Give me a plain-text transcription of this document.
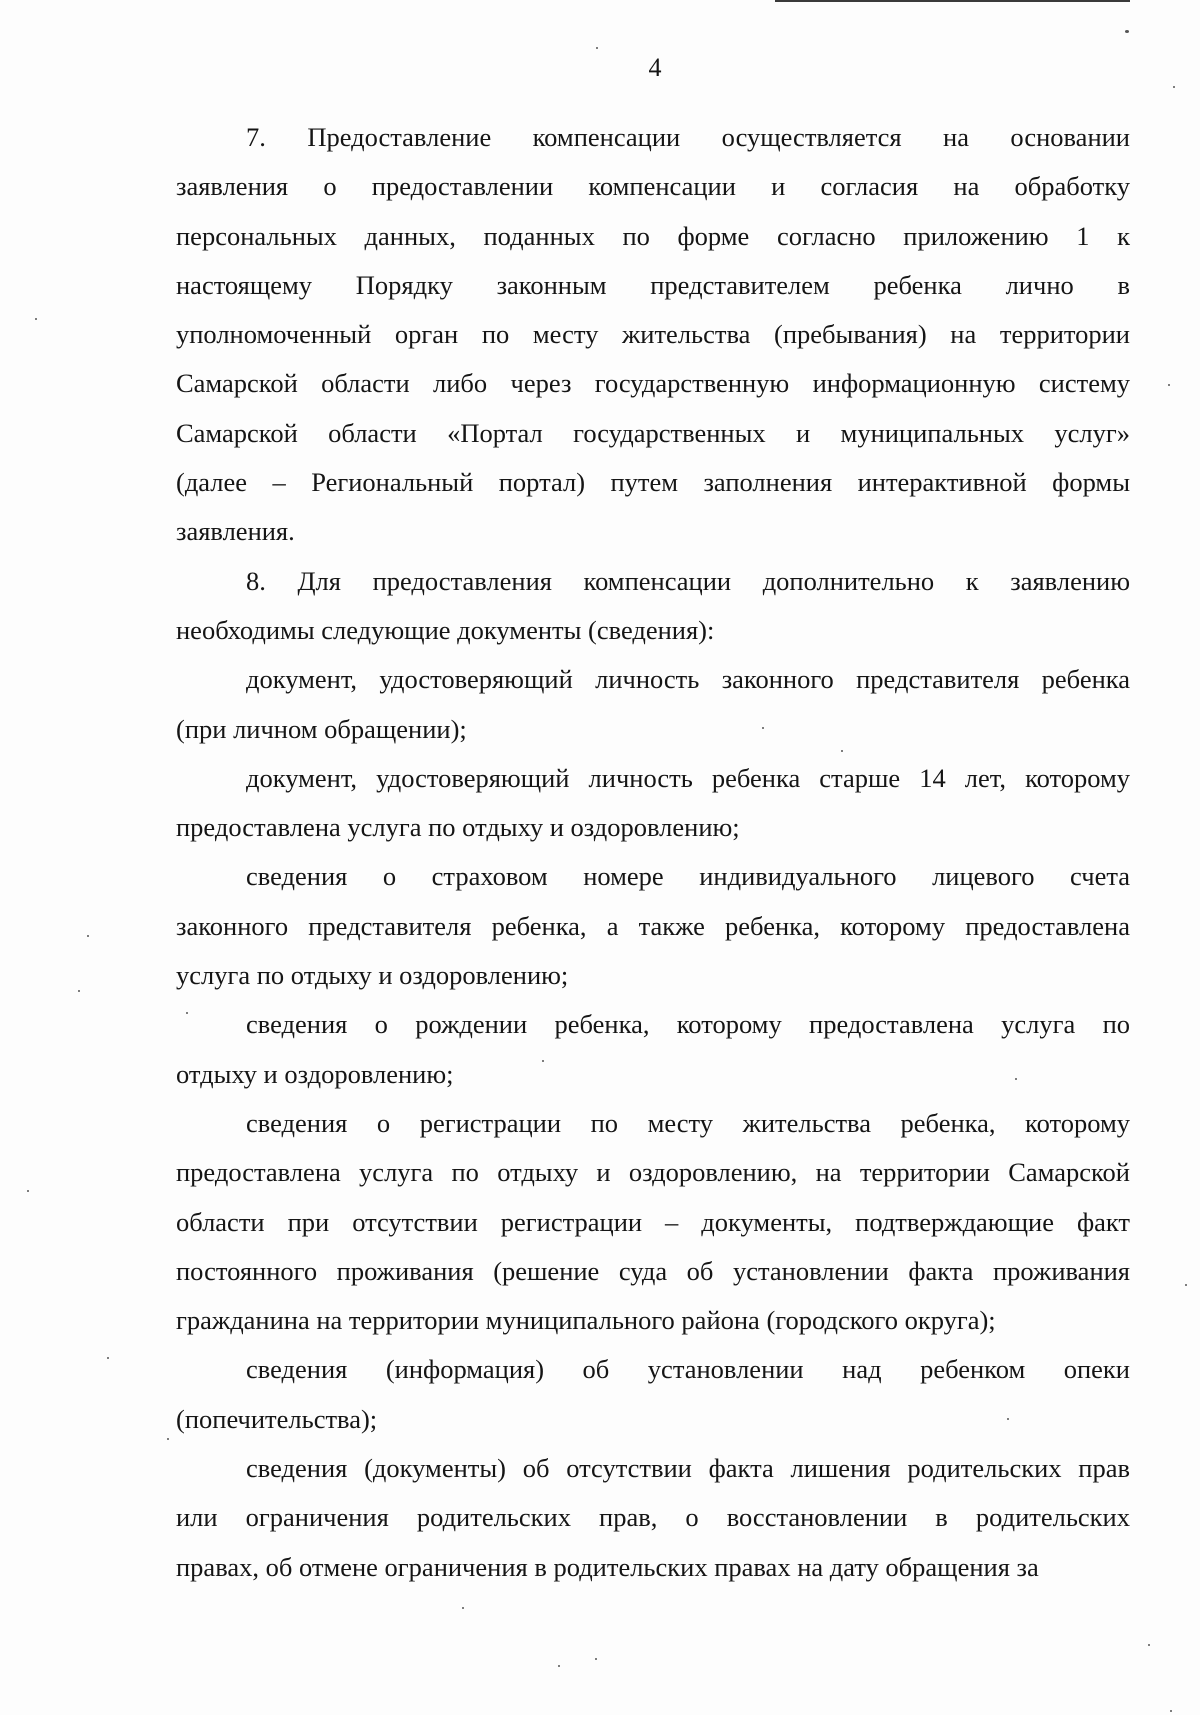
4

7. Предоставление компенсации осуществляется на основании
заявления о предоставлении компенсации и согласия на обработку
персональных данных, поданных по форме согласно приложению 1 к
настоящему Порядку законным представителем ребенка лично в
уполномоченный орган по месту жительства (пребывания) на территории
Самарской области либо через государственную информационную систему
Самарской области «Портал государственных и муниципальных услуг»
(далее – Региональный портал) путем заполнения интерактивной формы
заявления.

8. Для предоставления компенсации дополнительно к заявлению
необходимы следующие документы (сведения):

документ, удостоверяющий личность законного представителя ребенка
(при личном обращении);

документ, удостоверяющий личность ребенка старше 14 лет, которому
предоставлена услуга по отдыху и оздоровлению;

сведения о страховом номере индивидуального лицевого счета
законного представителя ребенка, а также ребенка, которому предоставлена
услуга по отдыху и оздоровлению;

сведения о рождении ребенка, которому предоставлена услуга по
отдыху и оздоровлению;

сведения о регистрации по месту жительства ребенка, которому
предоставлена услуга по отдыху и оздоровлению, на территории Самарской
области при отсутствии регистрации – документы, подтверждающие факт
постоянного проживания (решение суда об установлении факта проживания
гражданина на территории муниципального района (городского округа);

сведения (информация) об установлении над ребенком опеки
(попечительства);

сведения (документы) об отсутствии факта лишения родительских прав
или ограничения родительских прав, о восстановлении в родительских
правах, об отмене ограничения в родительских правах на дату обращения за
